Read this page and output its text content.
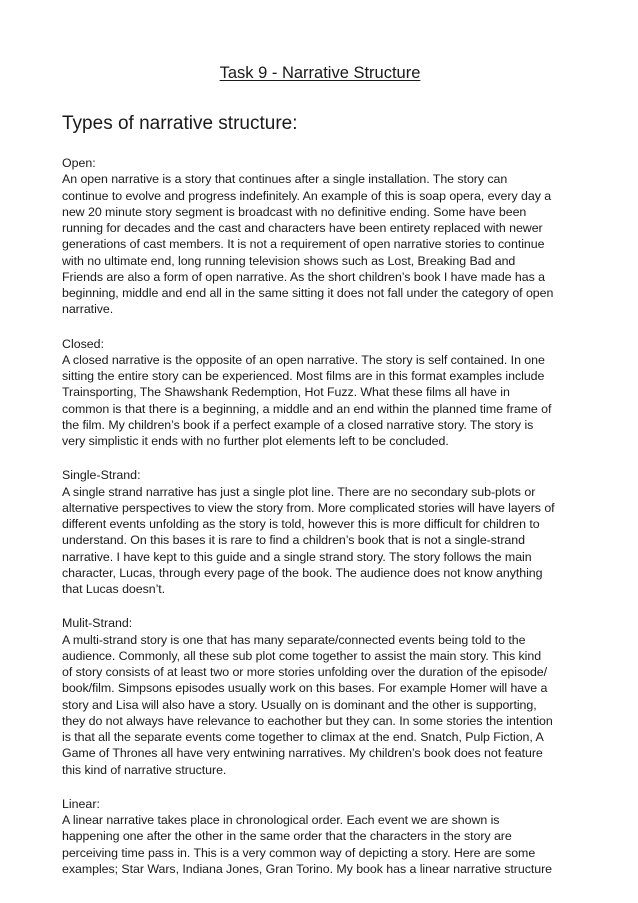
Task 9 - Narrative Structure
Types of narrative structure:

Open:

An open narrative is a story that continues after a single installation. The story can
continue to evolve and progress indefinitely. An example of this is soap opera, every day a
new 20 minute story segment is broadcast with no definitive ending. Some have been
running for decades and the cast and characters have been entirety replaced with newer
generations of cast members. It is not a requirement of open narrative stories to continue
with no ultimate end, long running television shows such as Lost, Breaking Bad and
Friends are also a form of open narrative. As the short children’s book I have made has a
beginning, middle and end all in the same sitting it does not fall under the category of open
narrative.

Closed:

A closed narrative is the opposite of an open narrative. The story is self contained. In one
sitting the entire story can be experienced. Most films are in this format examples include
Trainsporting, The Shawshank Redemption, Hot Fuzz. What these films all have in
common is that there is a beginning, a middle and an end within the planned time frame of
the film. My children’s book if a perfect example of a closed narrative story. The story is
very simplistic it ends with no further plot elements left to be concluded.

Single-Strand:

A single strand narrative has just a single plot line. There are no secondary sub-plots or
alternative perspectives to view the story from. More complicated stories will have layers of
different events unfolding as the story is told, however this is more difficult for children to
understand. On this bases it is rare to find a children’s book that is not a single-strand
narrative. I have kept to this guide and a single strand story. The story follows the main
character, Lucas, through every page of the book. The audience does not know anything
that Lucas doesn’t.

Mulit-Strand:

A multi-strand story is one that has many separate/connected events being told to the
audience. Commonly, all these sub plot come together to assist the main story. This kind
of story consists of at least two or more stories unfolding over the duration of the episode/
book/film. Simpsons episodes usually work on this bases. For example Homer will have a
story and Lisa will also have a story. Usually on is dominant and the other is supporting,
they do not always have relevance to eachother but they can. In some stories the intention
is that all the separate events come together to climax at the end. Snatch, Pulp Fiction, A
Game of Thrones all have very entwining narratives. My children’s book does not feature
this kind of narrative structure.

Linear:

A linear narrative takes place in chronological order. Each event we are shown is
happening one after the other in the same order that the characters in the story are
perceiving time pass in. This is a very common way of depicting a story. Here are some
examples; Star Wars, Indiana Jones, Gran Torino. My book has a linear narrative structure
